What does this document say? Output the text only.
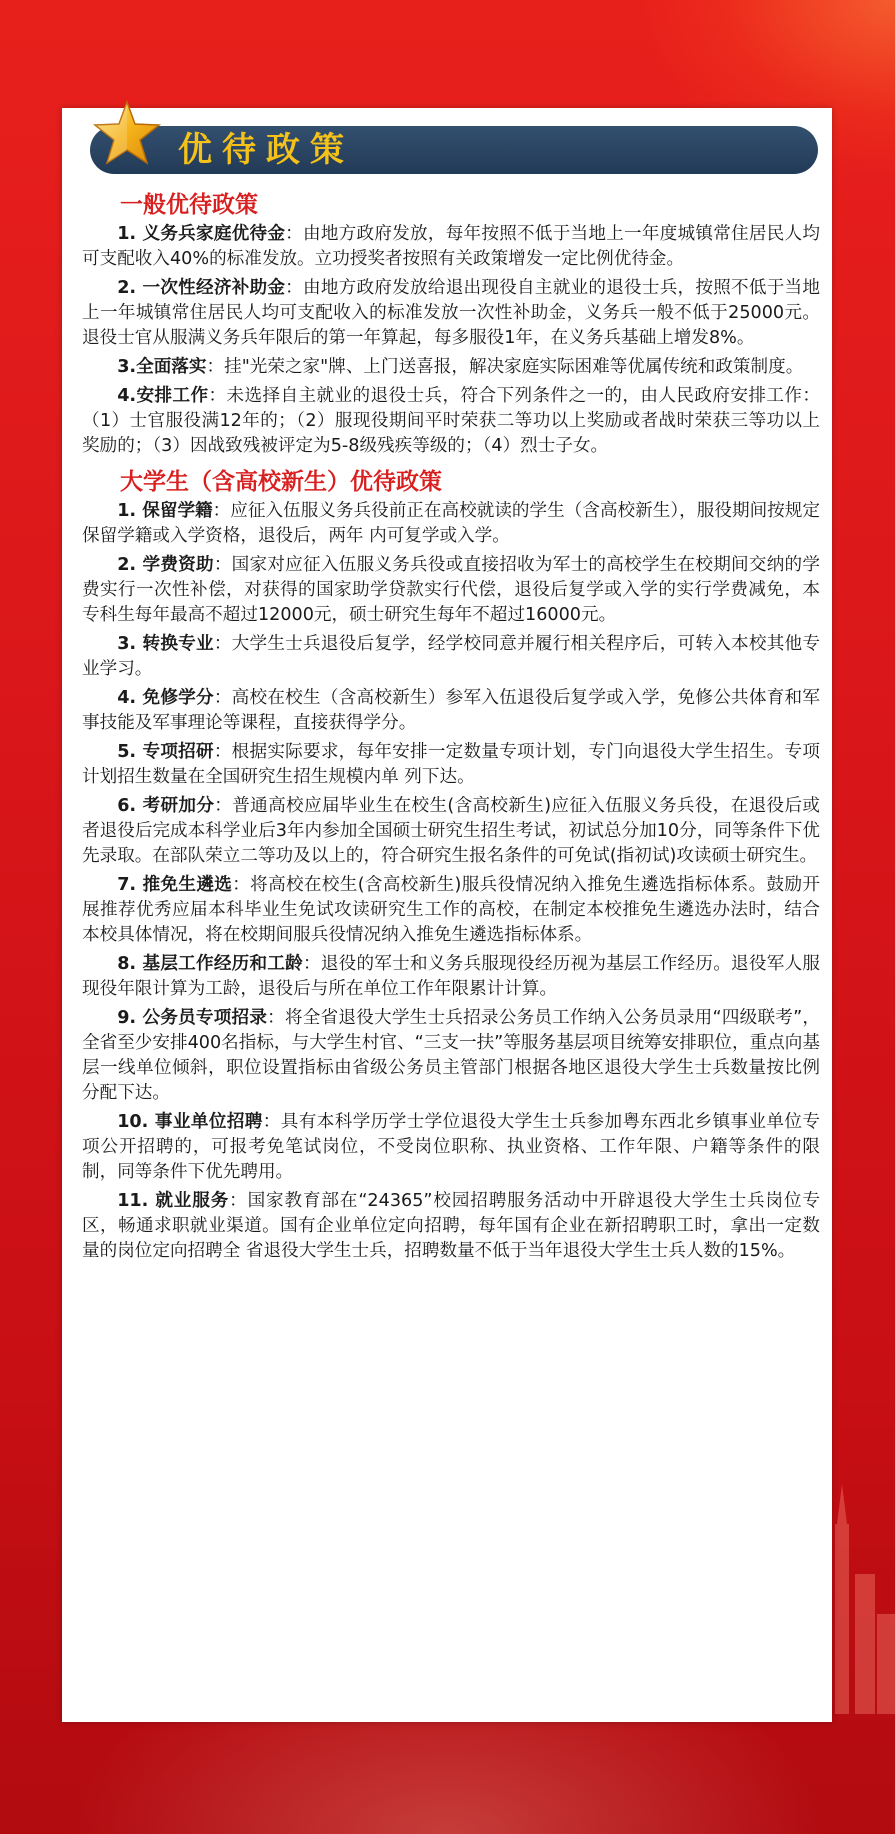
优待政策
一般优待政策

1. 义务兵家庭优待金：由地方政府发放，每年按照不低于当地上一年度城镇常住居民人均可支配收入40%的标准发放。立功授奖者按照有关政策增发一定比例优待金。

2. 一次性经济补助金：由地方政府发放给退出现役自主就业的退役士兵，按照不低于当地上一年城镇常住居民人均可支配收入的标准发放一次性补助金，义务兵一般不低于25000元。退役士官从服满义务兵年限后的第一年算起，每多服役1年，在义务兵基础上增发8%。

3.全面落实：挂"光荣之家"牌、上门送喜报，解决家庭实际困难等优属传统和政策制度。

4.安排工作：未选择自主就业的退役士兵，符合下列条件之一的，由人民政府安排工作：（1）士官服役满12年的；（2）服现役期间平时荣获二等功以上奖励或者战时荣获三等功以上奖励的；（3）因战致残被评定为5-8级残疾等级的；（4）烈士子女。

大学生（含高校新生）优待政策

1. 保留学籍：应征入伍服义务兵役前正在高校就读的学生（含高校新生），服役期间按规定保留学籍或入学资格，退役后，两年 内可复学或入学。

2. 学费资助：国家对应征入伍服义务兵役或直接招收为军士的高校学生在校期间交纳的学费实行一次性补偿，对获得的国家助学贷款实行代偿，退役后复学或入学的实行学费减免，本专科生每年最高不超过12000元，硕士研究生每年不超过16000元。

3. 转换专业：大学生士兵退役后复学，经学校同意并履行相关程序后，可转入本校其他专业学习。

4. 免修学分：高校在校生（含高校新生）参军入伍退役后复学或入学，免修公共体育和军事技能及军事理论等课程，直接获得学分。

5. 专项招研：根据实际要求，每年安排一定数量专项计划，专门向退役大学生招生。专项计划招生数量在全国研究生招生规模内单 列下达。

6. 考研加分：普通高校应届毕业生在校生(含高校新生)应征入伍服义务兵役，在退役后或者退役后完成本科学业后3年内参加全国硕士研究生招生考试，初试总分加10分，同等条件下优先录取。在部队荣立二等功及以上的，符合研究生报名条件的可免试(指初试)攻读硕士研究生。

7. 推免生遴选：将高校在校生(含高校新生)服兵役情况纳入推免生遴选指标体系。鼓励开展推荐优秀应届本科毕业生免试攻读研究生工作的高校，在制定本校推免生遴选办法时，结合本校具体情况，将在校期间服兵役情况纳入推免生遴选指标体系。

8. 基层工作经历和工龄：退役的军士和义务兵服现役经历视为基层工作经历。退役军人服现役年限计算为工龄，退役后与所在单位工作年限累计计算。

9. 公务员专项招录：将全省退役大学生士兵招录公务员工作纳入公务员录用“四级联考”，全省至少安排400名指标，与大学生村官、“三支一扶”等服务基层项目统筹安排职位，重点向基层一线单位倾斜，职位设置指标由省级公务员主管部门根据各地区退役大学生士兵数量按比例分配下达。

10. 事业单位招聘：具有本科学历学士学位退役大学生士兵参加粤东西北乡镇事业单位专项公开招聘的，可报考免笔试岗位，不受岗位职称、执业资格、工作年限、户籍等条件的限制，同等条件下优先聘用。

11. 就业服务：国家教育部在“24365”校园招聘服务活动中开辟退役大学生士兵岗位专区，畅通求职就业渠道。国有企业单位定向招聘，每年国有企业在新招聘职工时，拿出一定数量的岗位定向招聘全 省退役大学生士兵，招聘数量不低于当年退役大学生士兵人数的15%。
